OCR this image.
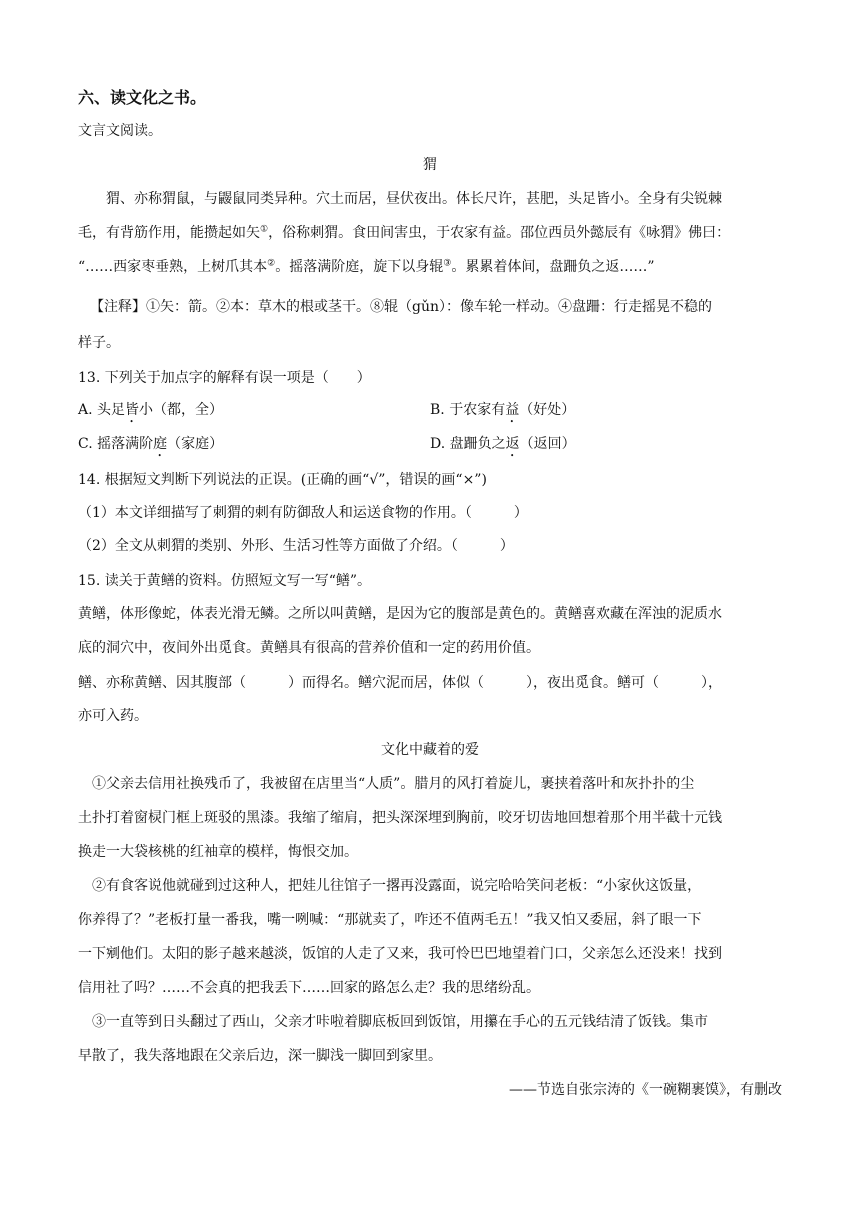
六、读文化之书。
文言文阅读。
猬
猬、亦称猬鼠，与鼹鼠同类异种。穴土而居，昼伏夜出。体长尺许，甚肥，头足皆小。全身有尖锐棘
毛，有背筋作用，能攒起如矢①，俗称刺猬。食田间害虫，于农家有益。邵位西员外懿辰有《咏猬》佛曰：
“……西家枣垂熟，上树爪其本②。摇落满阶庭，旋下以身辊③。累累着体间，盘跚负之返……”
【注释】①矢：箭。②本：草木的根或茎干。⑧辊（gǔn）：像车轮一样动。④盘跚：行走摇晃不稳的
样子。
13. 下列关于加点字的解释有误一项是（　　）
A. 头足皆小（都，全）	B. 于农家有益（好处）
C. 摇落满阶庭（家庭）	D. 盘跚负之返（返回）
14. 根据短文判断下列说法的正误。(正确的画“√”，错误的画“×”)
（1）本文详细描写了刺猬的刺有防御敌人和运送食物的作用。（　　　）
（2）全文从刺猬的类别、外形、生活习性等方面做了介绍。（　　　）
15. 读关于黄鳝的资料。仿照短文写一写“鳝”。
黄鳝，体形像蛇，体表光滑无鳞。之所以叫黄鳝，是因为它的腹部是黄色的。黄鳝喜欢藏在浑浊的泥质水
底的洞穴中，夜间外出觅食。黄鳝具有很高的营养价值和一定的药用价值。
鳝、亦称黄鳝、因其腹部（　　　）而得名。鳝穴泥而居，体似（　　　），夜出觅食。鳝可（　　　），
亦可入药。
文化中藏着的爱
①父亲去信用社换残币了，我被留在店里当“人质”。腊月的风打着旋儿，裹挟着落叶和灰扑扑的尘
土扑打着窗棂门框上斑驳的黑漆。我缩了缩肩，把头深深埋到胸前，咬牙切齿地回想着那个用半截十元钱
换走一大袋核桃的红袖章的模样，悔恨交加。
②有食客说他就碰到过这种人，把娃儿往馆子一撂再没露面，说完哈哈笑问老板：“小家伙这饭量，
你养得了？”老板打量一番我，嘴一咧喊：“那就卖了，咋还不值两毛五！”我又怕又委屈，斜了眼一下
一下剜他们。太阳的影子越来越淡，饭馆的人走了又来，我可怜巴巴地望着门口，父亲怎么还没来！找到
信用社了吗？……不会真的把我丢下……回家的路怎么走？我的思绪纷乱。
③一直等到日头翻过了西山，父亲才咔啦着脚底板回到饭馆，用攥在手心的五元钱结清了饭钱。集市
早散了，我失落地跟在父亲后边，深一脚浅一脚回到家里。
——节选自张宗涛的《一碗糊裹馍》，有删改
